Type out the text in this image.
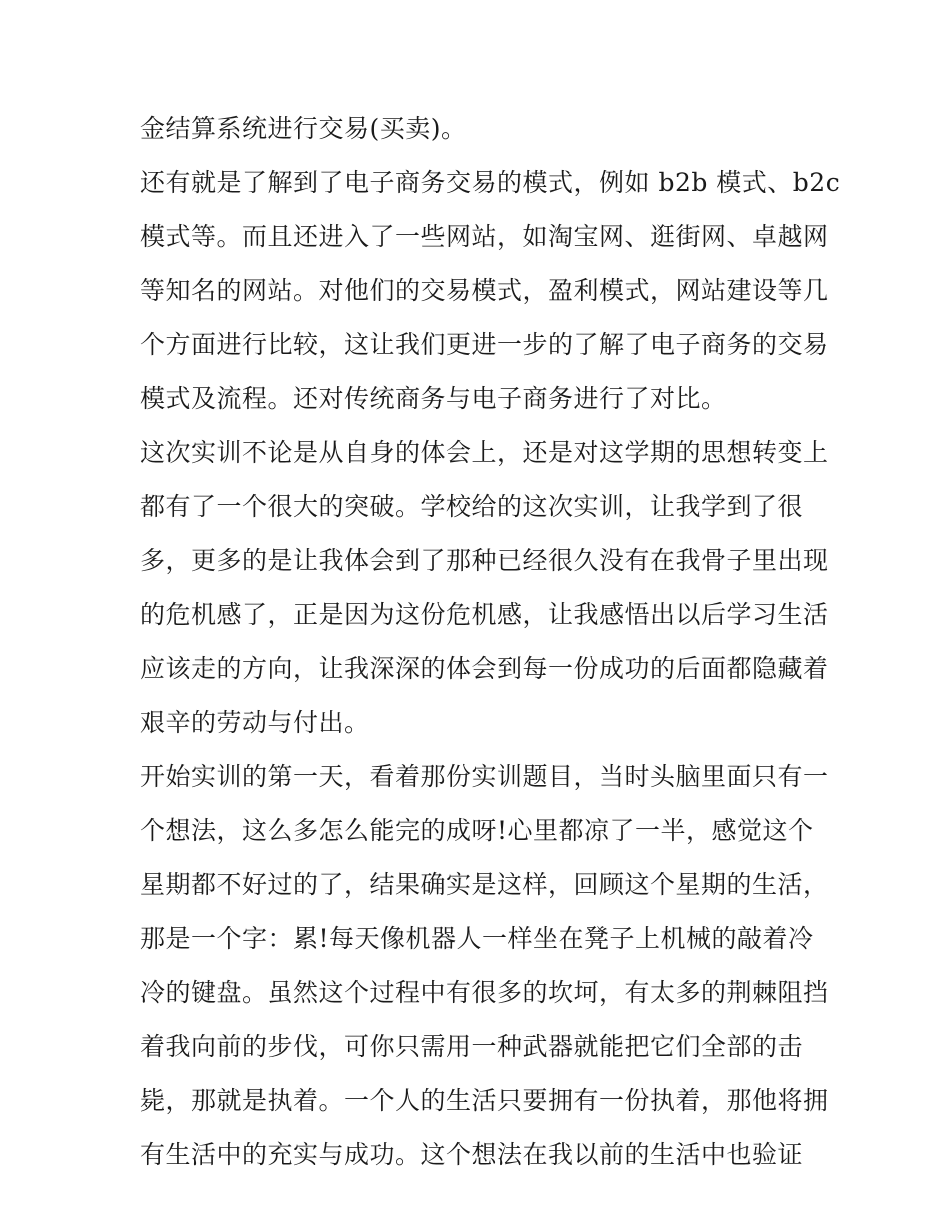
金结算系统进行交易(买卖)。
还有就是了解到了电子商务交易的模式，例如 b2b 模式、b2c
模式等。而且还进入了一些网站，如淘宝网、逛街网、卓越网
等知名的网站。对他们的交易模式，盈利模式，网站建设等几
个方面进行比较，这让我们更进一步的了解了电子商务的交易
模式及流程。还对传统商务与电子商务进行了对比。
这次实训不论是从自身的体会上，还是对这学期的思想转变上
都有了一个很大的突破。学校给的这次实训，让我学到了很
多，更多的是让我体会到了那种已经很久没有在我骨子里出现
的危机感了，正是因为这份危机感，让我感悟出以后学习生活
应该走的方向，让我深深的体会到每一份成功的后面都隐藏着
艰辛的劳动与付出。
开始实训的第一天，看着那份实训题目，当时头脑里面只有一
个想法，这么多怎么能完的成呀!心里都凉了一半，感觉这个
星期都不好过的了，结果确实是这样，回顾这个星期的生活，
那是一个字：累!每天像机器人一样坐在凳子上机械的敲着冷
冷的键盘。虽然这个过程中有很多的坎坷，有太多的荆棘阻挡
着我向前的步伐，可你只需用一种武器就能把它们全部的击
毙，那就是执着。一个人的生活只要拥有一份执着，那他将拥
有生活中的充实与成功。这个想法在我以前的生活中也验证
